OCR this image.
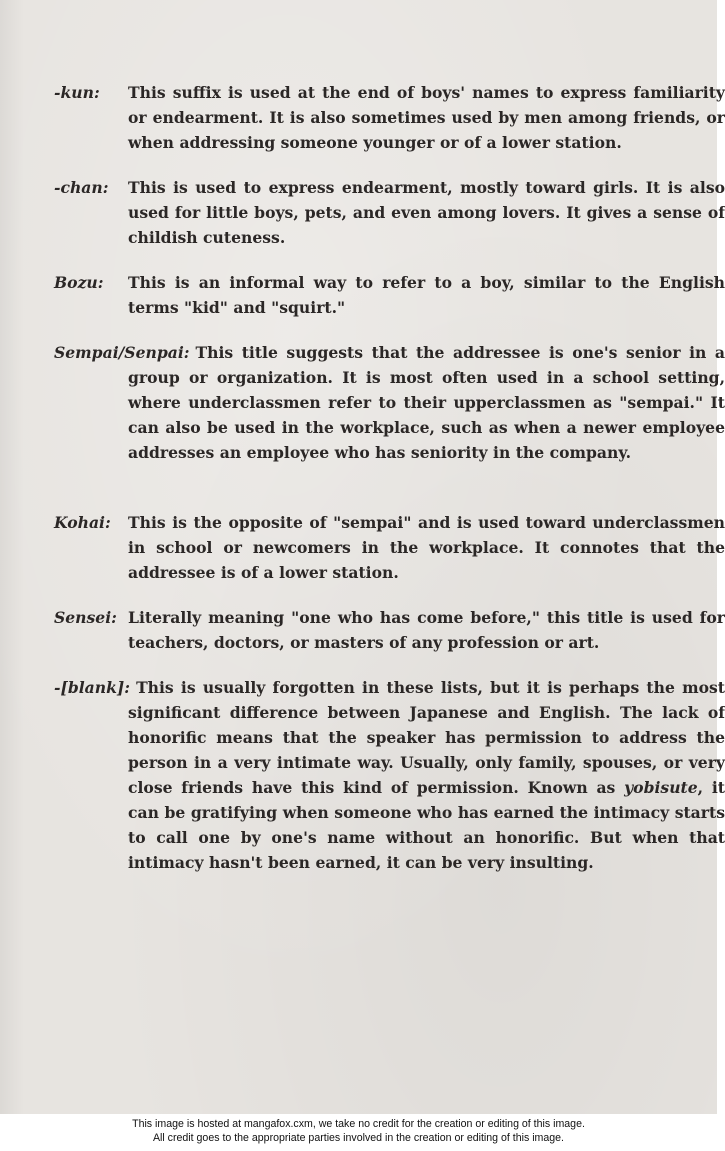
-kun: This suffix is used at the end of boys' names to express familiarity or endearment. It is also sometimes used by men among friends, or when addressing someone younger or of a lower station.
-chan: This is used to express endearment, mostly toward girls. It is also used for little boys, pets, and even among lovers. It gives a sense of childish cuteness.
Bozu: This is an informal way to refer to a boy, similar to the English terms "kid" and "squirt."
Sempai/Senpai: This title suggests that the addressee is one's senior in a group or organization. It is most often used in a school setting, where underclassmen refer to their upperclassmen as "sempai." It can also be used in the workplace, such as when a newer employee addresses an employee who has seniority in the company.
Kohai: This is the opposite of "sempai" and is used toward underclassmen in school or newcomers in the workplace. It connotes that the addressee is of a lower station.
Sensei: Literally meaning "one who has come before," this title is used for teachers, doctors, or masters of any profession or art.
-[blank]: This is usually forgotten in these lists, but it is perhaps the most significant difference between Japanese and English. The lack of honorific means that the speaker has permission to address the person in a very intimate way. Usually, only family, spouses, or very close friends have this kind of permission. Known as yobisute, it can be gratifying when someone who has earned the intimacy starts to call one by one's name without an honorific. But when that intimacy hasn't been earned, it can be very insulting.
This image is hosted at mangafox.cxm, we take no credit for the creation or editing of this image.
All credit goes to the appropriate parties involved in the creation or editing of this image.
